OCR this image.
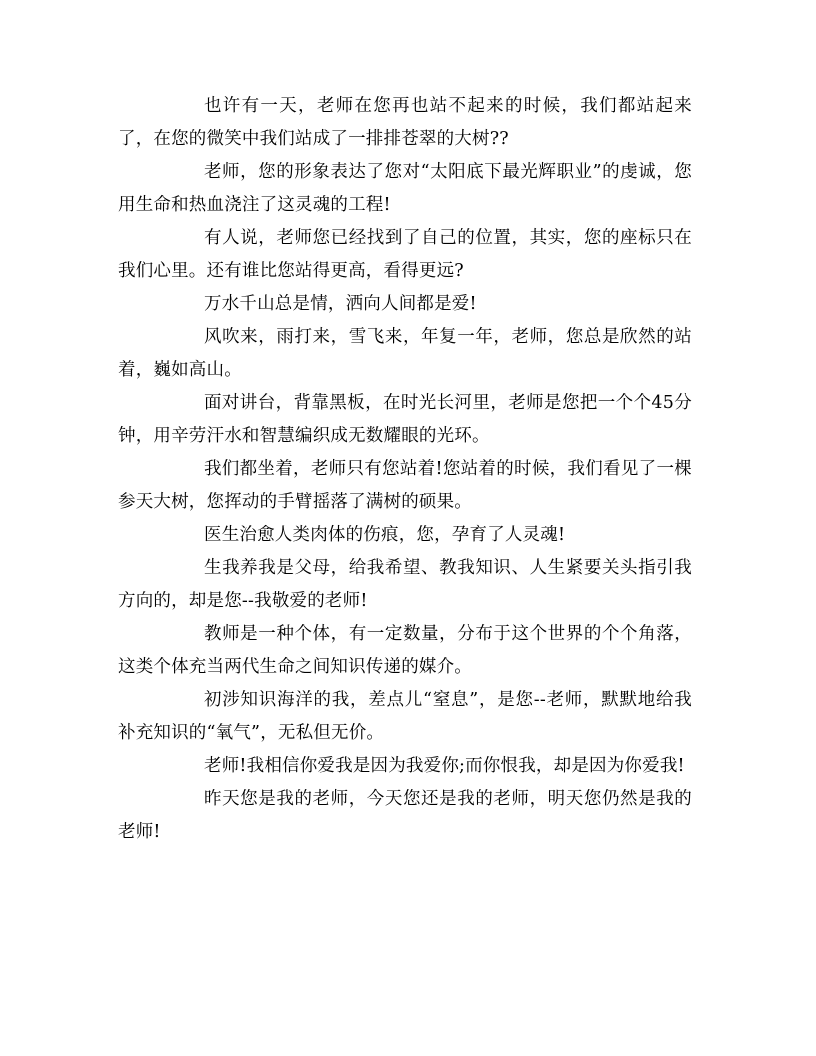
也许有一天，老师在您再也站不起来的时候，我们都站起来了，在您的微笑中我们站成了一排排苍翠的大树??

老师，您的形象表达了您对“太阳底下最光辉职业”的虔诚，您用生命和热血浇注了这灵魂的工程!

有人说，老师您已经找到了自己的位置，其实，您的座标只在我们心里。还有谁比您站得更高，看得更远?

万水千山总是情，洒向人间都是爱!

风吹来，雨打来，雪飞来，年复一年，老师，您总是欣然的站着，巍如高山。

面对讲台，背靠黑板，在时光长河里，老师是您把一个个45分钟，用辛劳汗水和智慧编织成无数耀眼的光环。

我们都坐着，老师只有您站着!您站着的时候，我们看见了一棵参天大树，您挥动的手臂摇落了满树的硕果。

医生治愈人类肉体的伤痕，您，孕育了人灵魂!

生我养我是父母，给我希望、教我知识、人生紧要关头指引我方向的，却是您--我敬爱的老师!

教师是一种个体，有一定数量，分布于这个世界的个个角落，这类个体充当两代生命之间知识传递的媒介。

初涉知识海洋的我，差点儿“窒息”，是您--老师，默默地给我补充知识的“氧气”，无私但无价。

老师!我相信你爱我是因为我爱你;而你恨我，却是因为你爱我!

昨天您是我的老师，今天您还是我的老师，明天您仍然是我的老师!
